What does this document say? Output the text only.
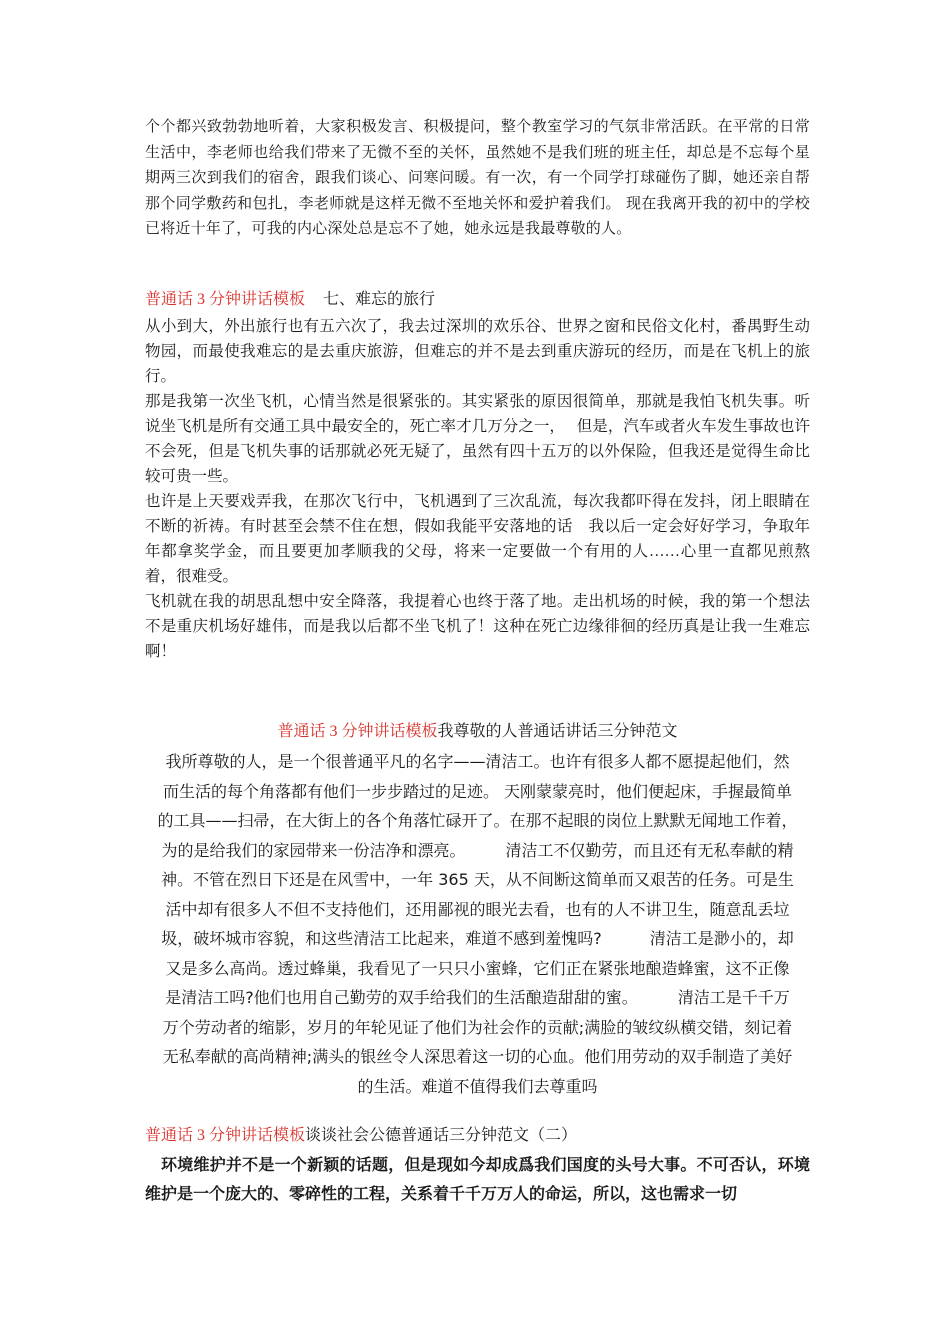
个个都兴致勃勃地听着，大家积极发言、积极提问，整个教室学习的气氛非常活跃。在平常的日常生活中，李老师也给我们带来了无微不至的关怀，虽然她不是我们班的班主任，却总是不忘每个星期两三次到我们的宿舍，跟我们谈心、问寒问暖。有一次，有一个同学打球碰伤了脚，她还亲自帮那个同学敷药和包扎，李老师就是这样无微不至地关怀和爱护着我们。 现在我离开我的初中的学校已将近十年了，可我的内心深处总是忘不了她，她永远是我最尊敬的人。

普通话 3 分钟讲话模板 七、难忘的旅行

从小到大，外出旅行也有五六次了，我去过深圳的欢乐谷、世界之窗和民俗文化村，番禺野生动物园，而最使我难忘的是去重庆旅游，但难忘的并不是去到重庆游玩的经历，而是在飞机上的旅行。

那是我第一次坐飞机，心情当然是很紧张的。其实紧张的原因很简单，那就是我怕飞机失事。听说坐飞机是所有交通工具中最安全的，死亡率才几万分之一，　 但是，汽车或者火车发生事故也许不会死，但是飞机失事的话那就必死无疑了，虽然有四十五万的以外保险，但我还是觉得生命比较可贵一些。

也许是上天要戏弄我，在那次飞行中，飞机遇到了三次乱流，每次我都吓得在发抖，闭上眼睛在不断的祈祷。有时甚至会禁不住在想，假如我能平安落地的话　我以后一定会好好学习，争取年年都拿奖学金，而且要更加孝顺我的父母，将来一定要做一个有用的人……心里一直都见煎熬着，很难受。

飞机就在我的胡思乱想中安全降落，我提着心也终于落了地。走出机场的时候，我的第一个想法不是重庆机场好雄伟，而是我以后都不坐飞机了！这种在死亡边缘徘徊的经历真是让我一生难忘啊！

普通话 3 分钟讲话模板我尊敬的人普通话讲话三分钟范文
我所尊敬的人，是一个很普通平凡的名字——清洁工。也许有很多人都不愿提起他们，然
而生活的每个角落都有他们一步步踏过的足迹。 天刚蒙蒙亮时，他们便起床，手握最简单
的工具——扫帚，在大街上的各个角落忙碌开了。在那不起眼的岗位上默默无闻地工作着，
为的是给我们的家园带来一份洁净和漂亮。　　　清洁工不仅勤劳，而且还有无私奉献的精
神。不管在烈日下还是在风雪中，一年 365 天，从不间断这简单而又艰苦的任务。可是生
活中却有很多人不但不支持他们，还用鄙视的眼光去看，也有的人不讲卫生，随意乱丢垃
圾，破坏城市容貌，和这些清洁工比起来，难道不感到羞愧吗?　　　清洁工是渺小的，却
又是多么高尚。透过蜂巢，我看见了一只只小蜜蜂，它们正在紧张地酿造蜂蜜，这不正像
是清洁工吗?他们也用自己勤劳的双手给我们的生活酿造甜甜的蜜。　　　清洁工是千千万
万个劳动者的缩影，岁月的年轮见证了他们为社会作的贡献;满脸的皱纹纵横交错，刻记着
无私奉献的高尚精神;满头的银丝令人深思着这一切的心血。他们用劳动的双手制造了美好
的生活。难道不值得我们去尊重吗
普通话 3 分钟讲话模板谈谈社会公德普通话三分钟范文（二）

环境维护并不是一个新颖的话题，但是现如今却成爲我们国度的头号大事。不可否认，环境维护是一个庞大的、零碎性的工程，关系着千千万万人的命运，所以，这也需求一切
